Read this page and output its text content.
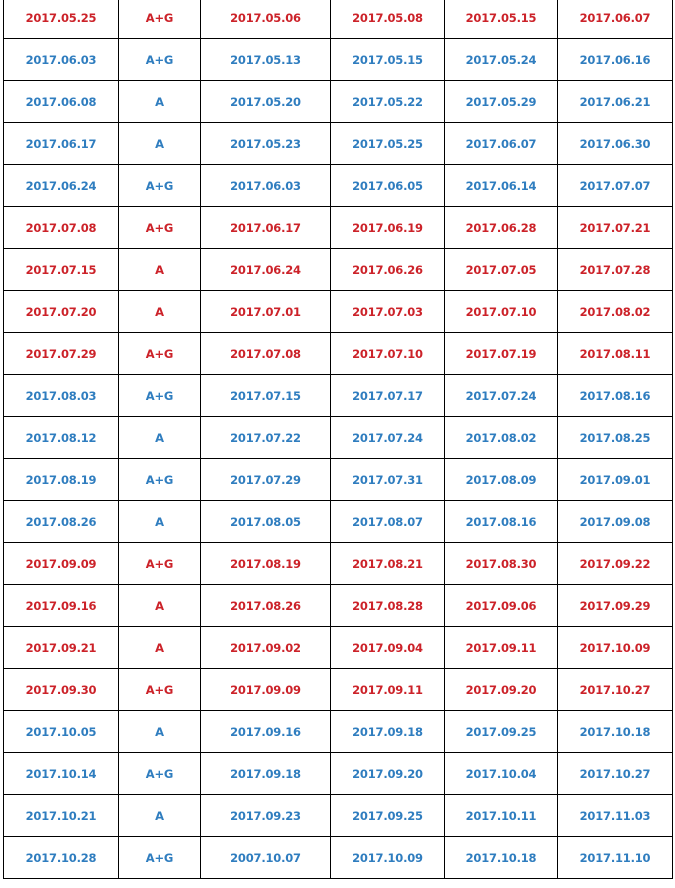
2017.05.25	A+G	2017.05.06	2017.05.08	2017.05.15	2017.06.07
2017.06.03	A+G	2017.05.13	2017.05.15	2017.05.24	2017.06.16
2017.06.08	A	2017.05.20	2017.05.22	2017.05.29	2017.06.21
2017.06.17	A	2017.05.23	2017.05.25	2017.06.07	2017.06.30
2017.06.24	A+G	2017.06.03	2017.06.05	2017.06.14	2017.07.07
2017.07.08	A+G	2017.06.17	2017.06.19	2017.06.28	2017.07.21
2017.07.15	A	2017.06.24	2017.06.26	2017.07.05	2017.07.28
2017.07.20	A	2017.07.01	2017.07.03	2017.07.10	2017.08.02
2017.07.29	A+G	2017.07.08	2017.07.10	2017.07.19	2017.08.11
2017.08.03	A+G	2017.07.15	2017.07.17	2017.07.24	2017.08.16
2017.08.12	A	2017.07.22	2017.07.24	2017.08.02	2017.08.25
2017.08.19	A+G	2017.07.29	2017.07.31	2017.08.09	2017.09.01
2017.08.26	A	2017.08.05	2017.08.07	2017.08.16	2017.09.08
2017.09.09	A+G	2017.08.19	2017.08.21	2017.08.30	2017.09.22
2017.09.16	A	2017.08.26	2017.08.28	2017.09.06	2017.09.29
2017.09.21	A	2017.09.02	2017.09.04	2017.09.11	2017.10.09
2017.09.30	A+G	2017.09.09	2017.09.11	2017.09.20	2017.10.27
2017.10.05	A	2017.09.16	2017.09.18	2017.09.25	2017.10.18
2017.10.14	A+G	2017.09.18	2017.09.20	2017.10.04	2017.10.27
2017.10.21	A	2017.09.23	2017.09.25	2017.10.11	2017.11.03
2017.10.28	A+G	2007.10.07	2017.10.09	2017.10.18	2017.11.10
